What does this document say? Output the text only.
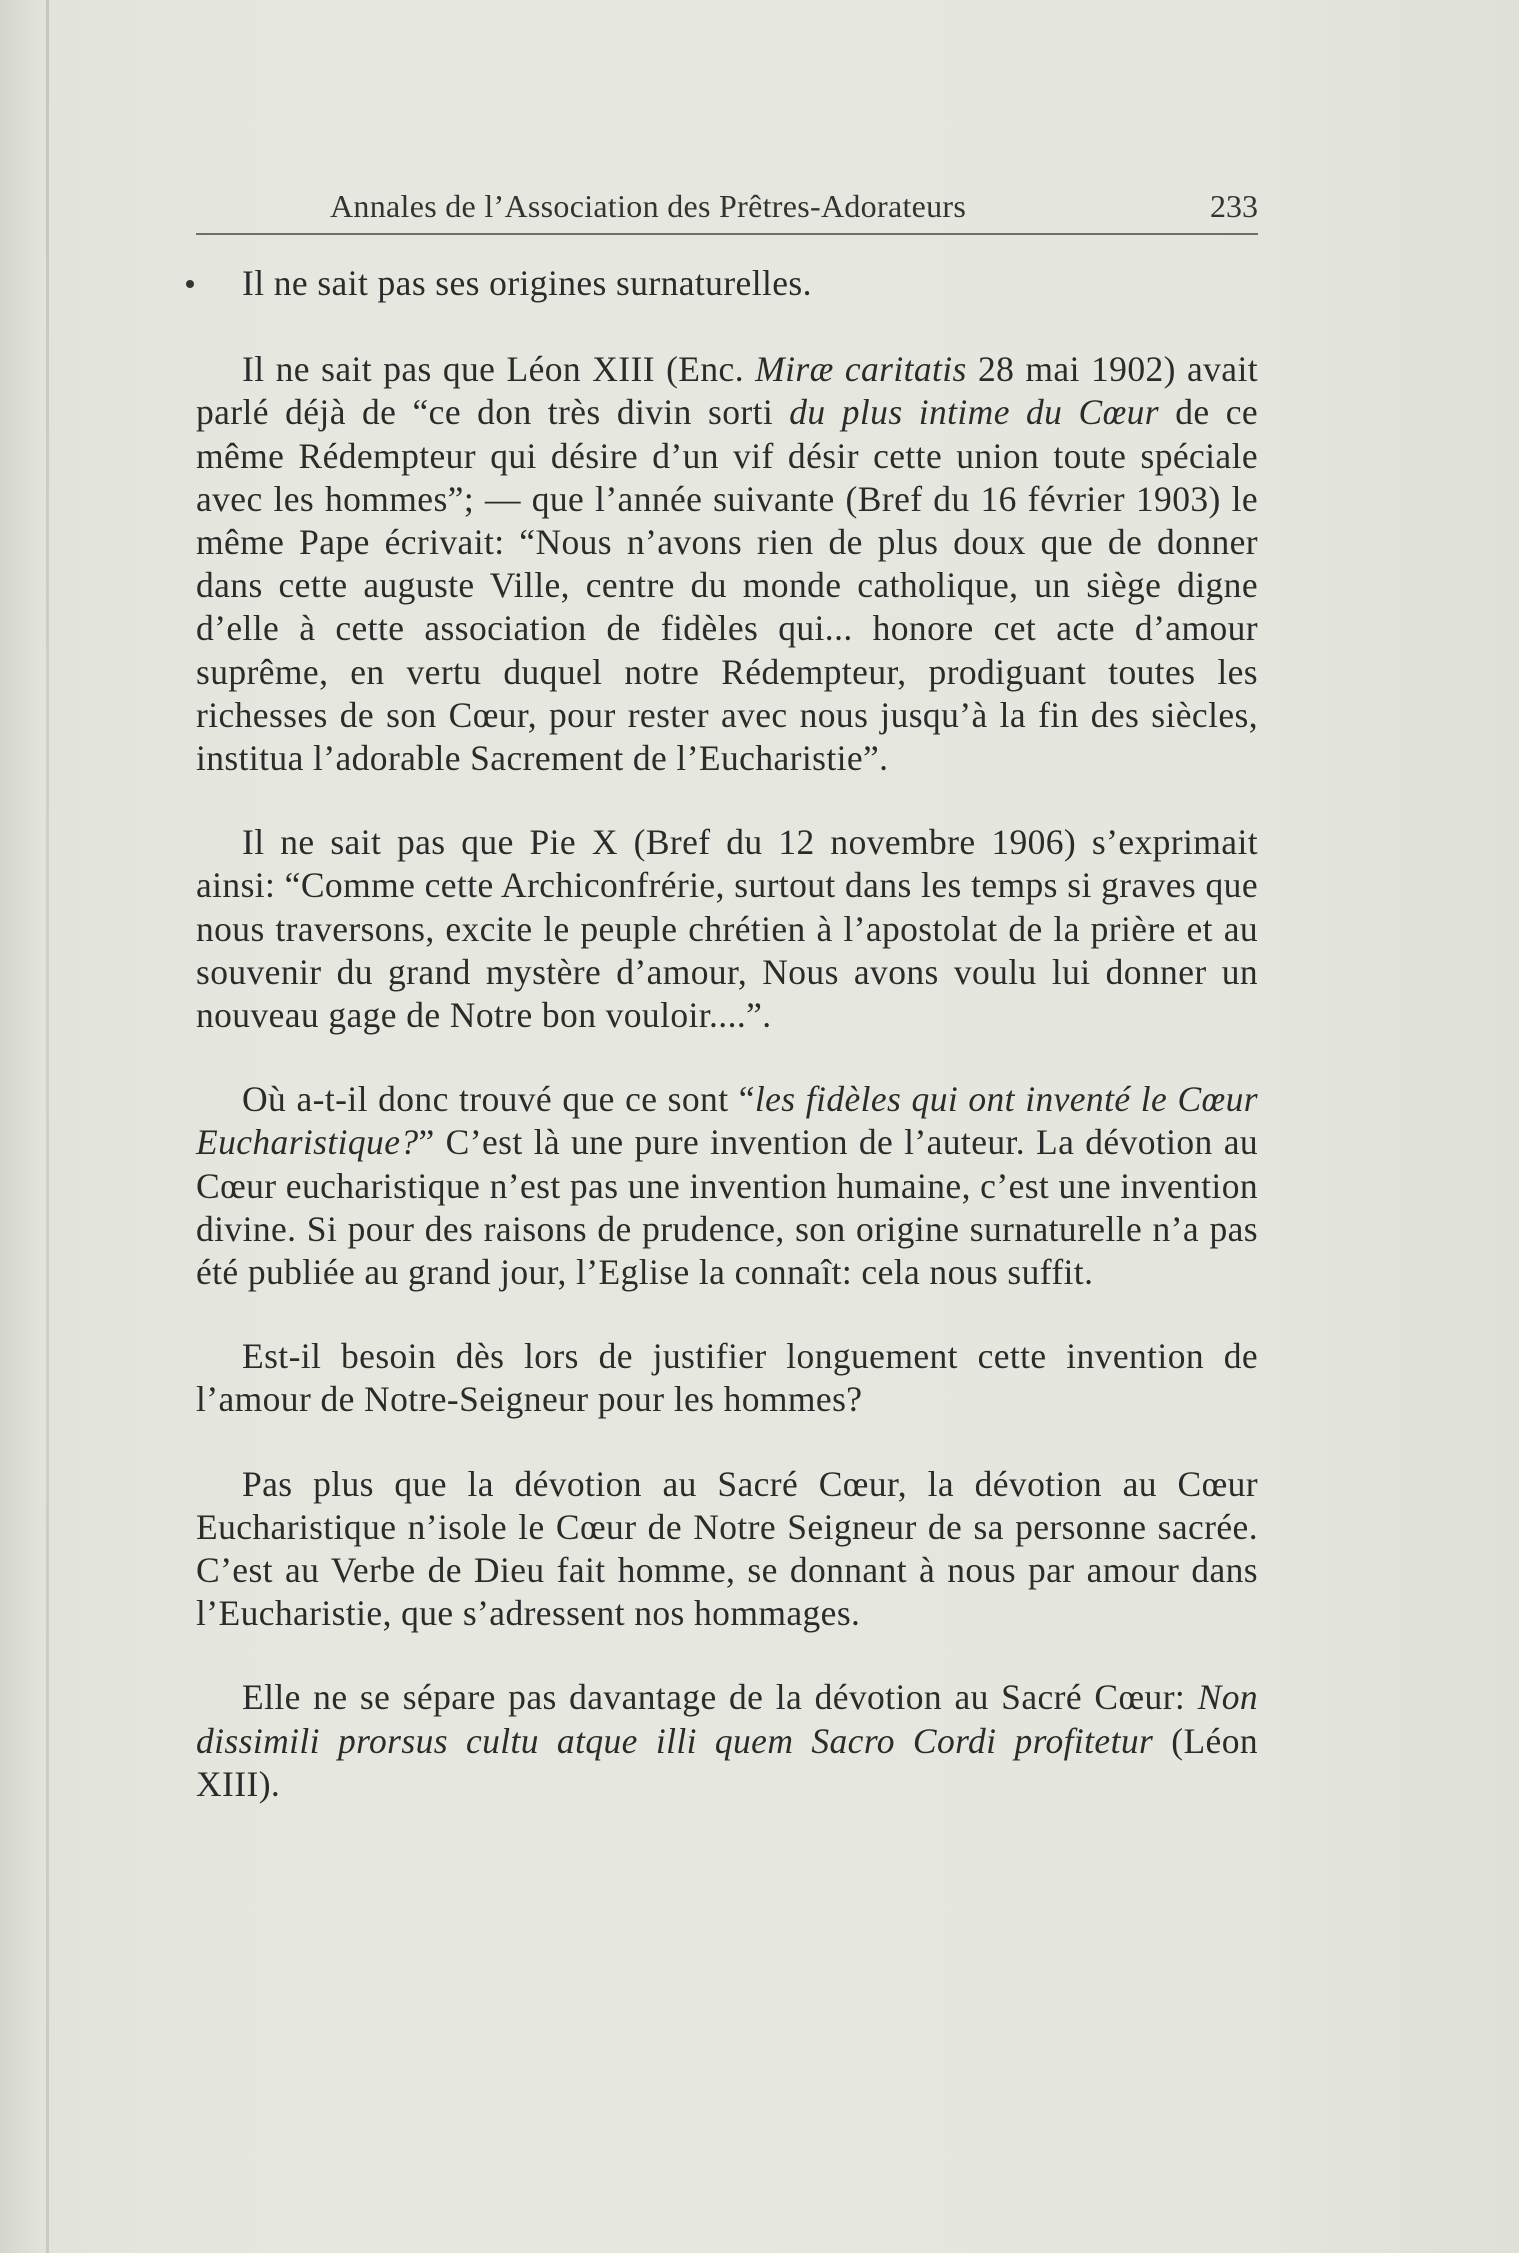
Annales de l’Association des Prêtres-Adorateurs	233

Il ne sait pas ses origines surnaturelles.

Il ne sait pas que Léon XIII (Enc. Miræ caritatis 28 mai 1902) avait parlé déjà de “ce don très divin sorti du plus intime du Cœur de ce même Rédempteur qui désire d’un vif désir cette union toute spéciale avec les hommes”; — que l’année suivante (Bref du 16 février 1903) le même Pape écrivait: “Nous n’avons rien de plus doux que de donner dans cette auguste Ville, centre du monde catholique, un siège digne d’elle à cette association de fidèles qui... honore cet acte d’amour suprême, en vertu duquel notre Rédempteur, prodiguant toutes les richesses de son Cœur, pour rester avec nous jusqu’à la fin des siècles, institua l’adorable Sacrement de l’Eucharistie”.

Il ne sait pas que Pie X (Bref du 12 novembre 1906) s’exprimait ainsi: “Comme cette Archiconfrérie, surtout dans les temps si graves que nous traversons, excite le peuple chrétien à l’apostolat de la prière et au souvenir du grand mystère d’amour, Nous avons voulu lui donner un nouveau gage de Notre bon vouloir....”.

Où a-t-il donc trouvé que ce sont “les fidèles qui ont inventé le Cœur Eucharistique?” C’est là une pure invention de l’auteur. La dévotion au Cœur eucharistique n’est pas une invention humaine, c’est une invention divine. Si pour des raisons de prudence, son origine surnaturelle n’a pas été publiée au grand jour, l’Eglise la connaît: cela nous suffit.

Est-il besoin dès lors de justifier longuement cette invention de l’amour de Notre-Seigneur pour les hommes?

Pas plus que la dévotion au Sacré Cœur, la dévotion au Cœur Eucharistique n’isole le Cœur de Notre Seigneur de sa personne sacrée. C’est au Verbe de Dieu fait homme, se donnant à nous par amour dans l’Eucharistie, que s’adressent nos hommages.

Elle ne se sépare pas davantage de la dévotion au Sacré Cœur: Non dissimili prorsus cultu atque illi quem Sacro Cordi profitetur (Léon XIII).
